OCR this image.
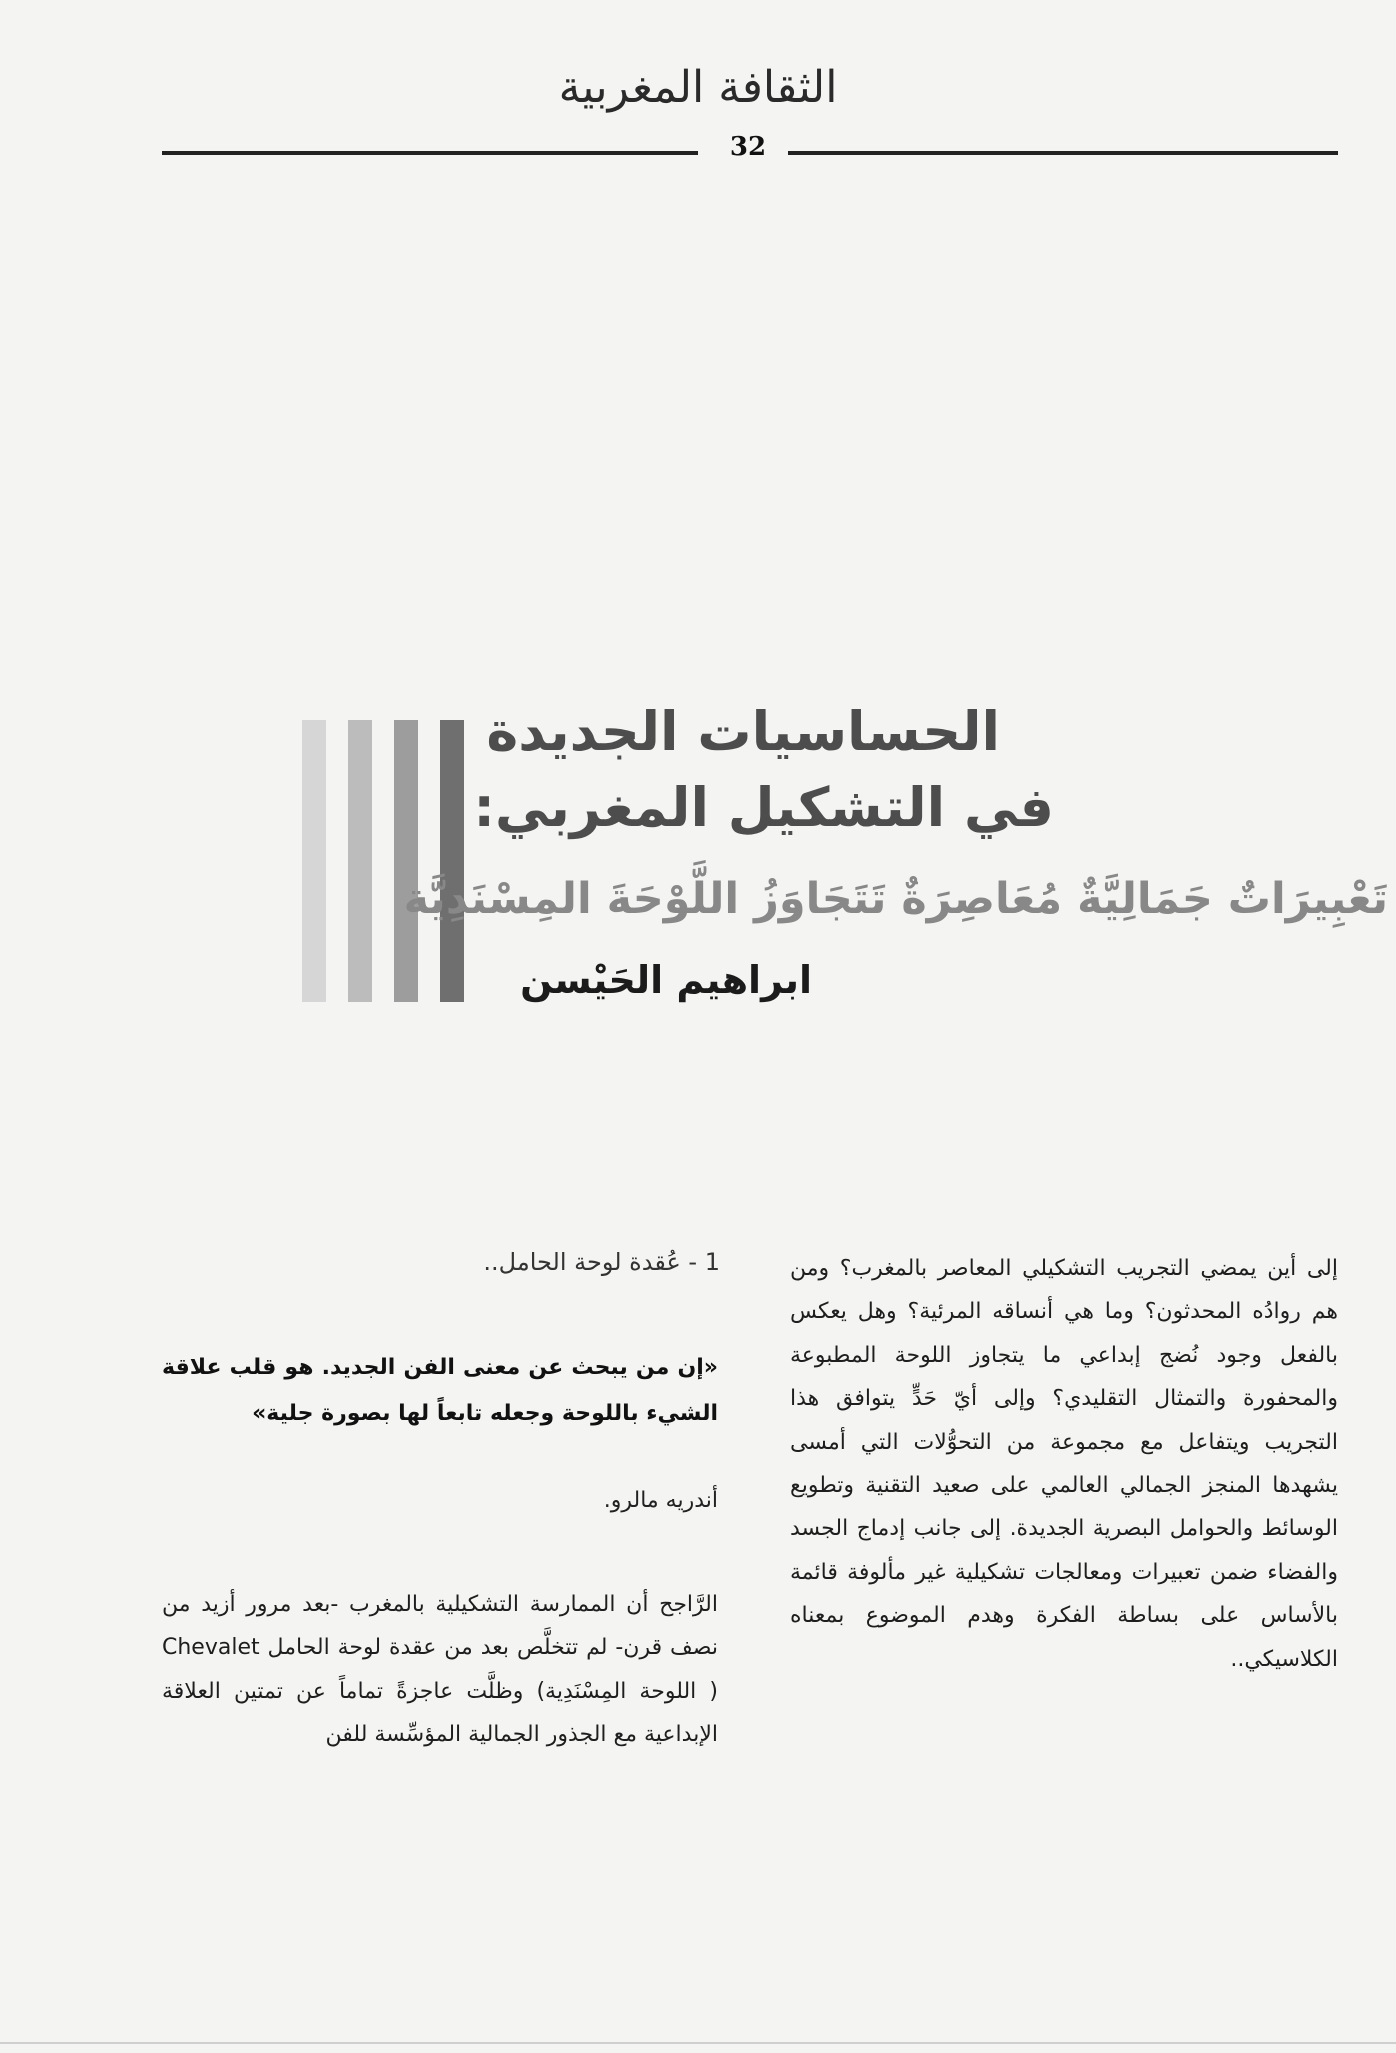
الثقافة المغربية
32
الحساسيات الجديدة
في التشكيل المغربي:
تَعْبِيرَاتٌ جَمَالِيَّةٌ مُعَاصِرَةٌ تَتَجَاوَزُ اللَّوْحَةَ المِسْنَدِيَّة
ابراهيم الحَيْسن

إلى أين يمضي التجريب التشكيلي المعاصر بالمغرب؟ ومن هم روادُه المحدثون؟ وما هي أنساقه المرئية؟ وهل يعكس بالفعل وجود نُضج إبداعي ما يتجاوز اللوحة المطبوعة والمحفورة والتمثال التقليدي؟ وإلى أيّ حَدٍّ يتوافق هذا التجريب ويتفاعل مع مجموعة من التحوُّلات التي أمسى يشهدها المنجز الجمالي العالمي على صعيد التقنية وتطويع الوسائط والحوامل البصرية الجديدة. إلى جانب إدماج الجسد والفضاء ضمن تعبيرات ومعالجات تشكيلية غير مألوفة قائمة بالأساس على بساطة الفكرة وهدم الموضوع بمعناه الكلاسيكي..

1 - عُقدة لوحة الحامل..
«إن من يبحث عن معنى الفن الجديد. هو قلب علاقة الشيء باللوحة وجعله تابعاً لها بصورة جلية»
أندريه مالرو.

الرَّاجح أن الممارسة التشكيلية بالمغرب -بعد مرور أزيد من نصف قرن- لم تتخلَّص بعد من عقدة لوحة الحامل Chevalet ( اللوحة المِسْنَدِية) وظلَّت عاجزةً تماماً عن تمتين العلاقة الإبداعية مع الجذور الجمالية المؤسِّسة للفن
